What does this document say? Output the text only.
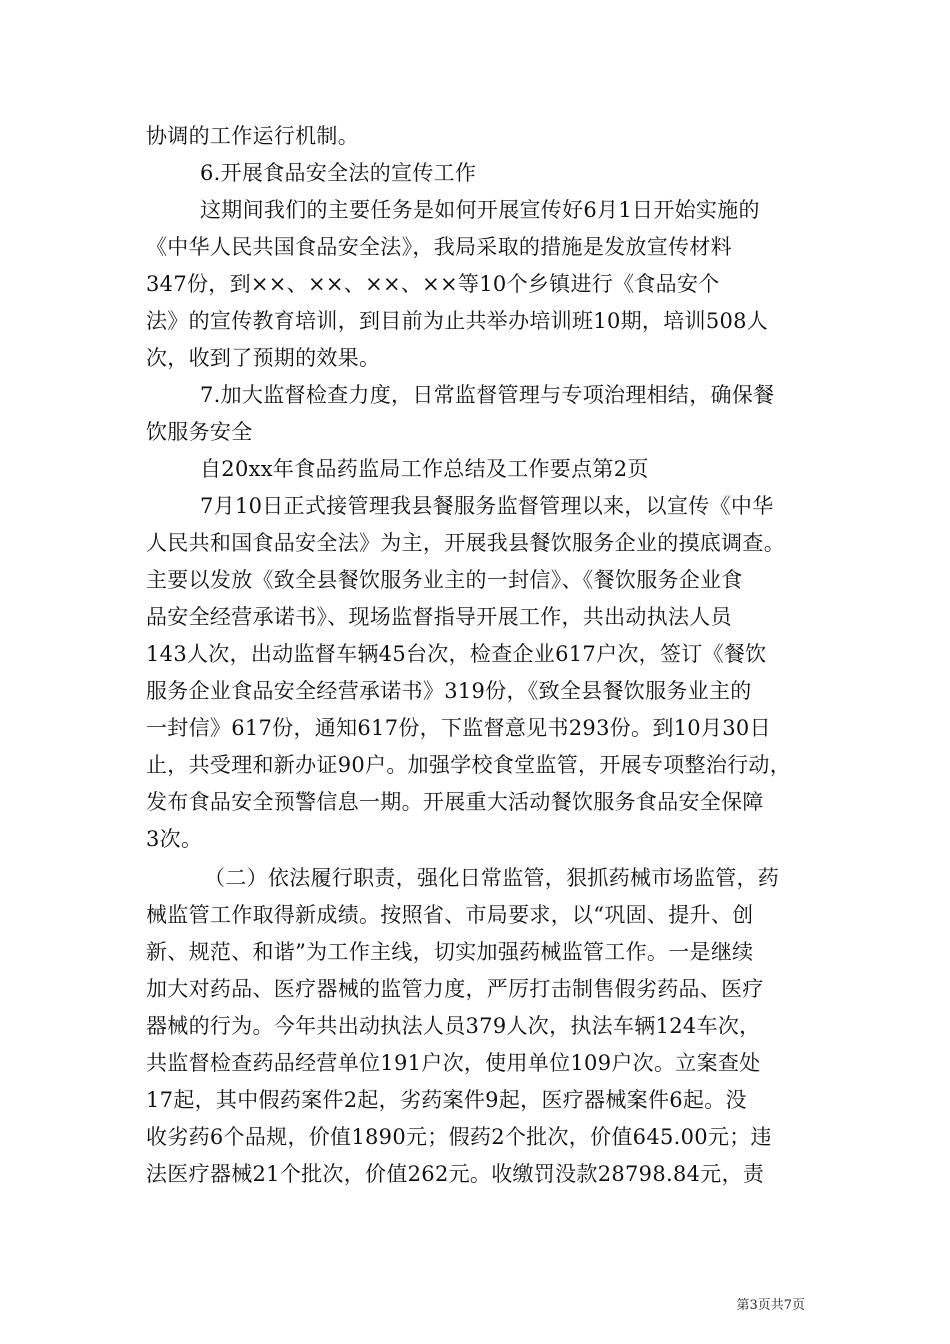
协调的工作运行机制。
6.开展食品安全法的宣传工作
这期间我们的主要任务是如何开展宣传好6月1日开始实施的
《中华人民共国食品安全法》，我局采取的措施是发放宣传材料
347份，到××、××、××、××等10个乡镇进行《食品安个
法》的宣传教育培训，到目前为止共举办培训班10期，培训508人
次，收到了预期的效果。
7.加大监督检查力度，日常监督管理与专项治理相结，确保餐
饮服务安全
自20xx年食品药监局工作总结及工作要点第2页
7月10日正式接管理我县餐服务监督管理以来，以宣传《中华
人民共和国食品安全法》为主，开展我县餐饮服务企业的摸底调查。
主要以发放《致全县餐饮服务业主的一封信》、《餐饮服务企业食
品安全经营承诺书》、现场监督指导开展工作，共出动执法人员
143人次，出动监督车辆45台次，检查企业617户次，签订《餐饮
服务企业食品安全经营承诺书》319份，《致全县餐饮服务业主的
一封信》617份，通知617份，下监督意见书293份。到10月30日
止，共受理和新办证90户。加强学校食堂监管，开展专项整治行动，
发布食品安全预警信息一期。开展重大活动餐饮服务食品安全保障
3次。
（二）依法履行职责，强化日常监管，狠抓药械市场监管，药
械监管工作取得新成绩。按照省、市局要求，以“巩固、提升、创
新、规范、和谐”为工作主线，切实加强药械监管工作。一是继续
加大对药品、医疗器械的监管力度，严厉打击制售假劣药品、医疗
器械的行为。今年共出动执法人员379人次，执法车辆124车次，
共监督检查药品经营单位191户次，使用单位109户次。立案查处
17起，其中假药案件2起，劣药案件9起，医疗器械案件6起。没
收劣药6个品规，价值1890元；假药2个批次，价值645.00元；违
法医疗器械21个批次，价值262元。收缴罚没款28798.84元，责
第3页共7页
